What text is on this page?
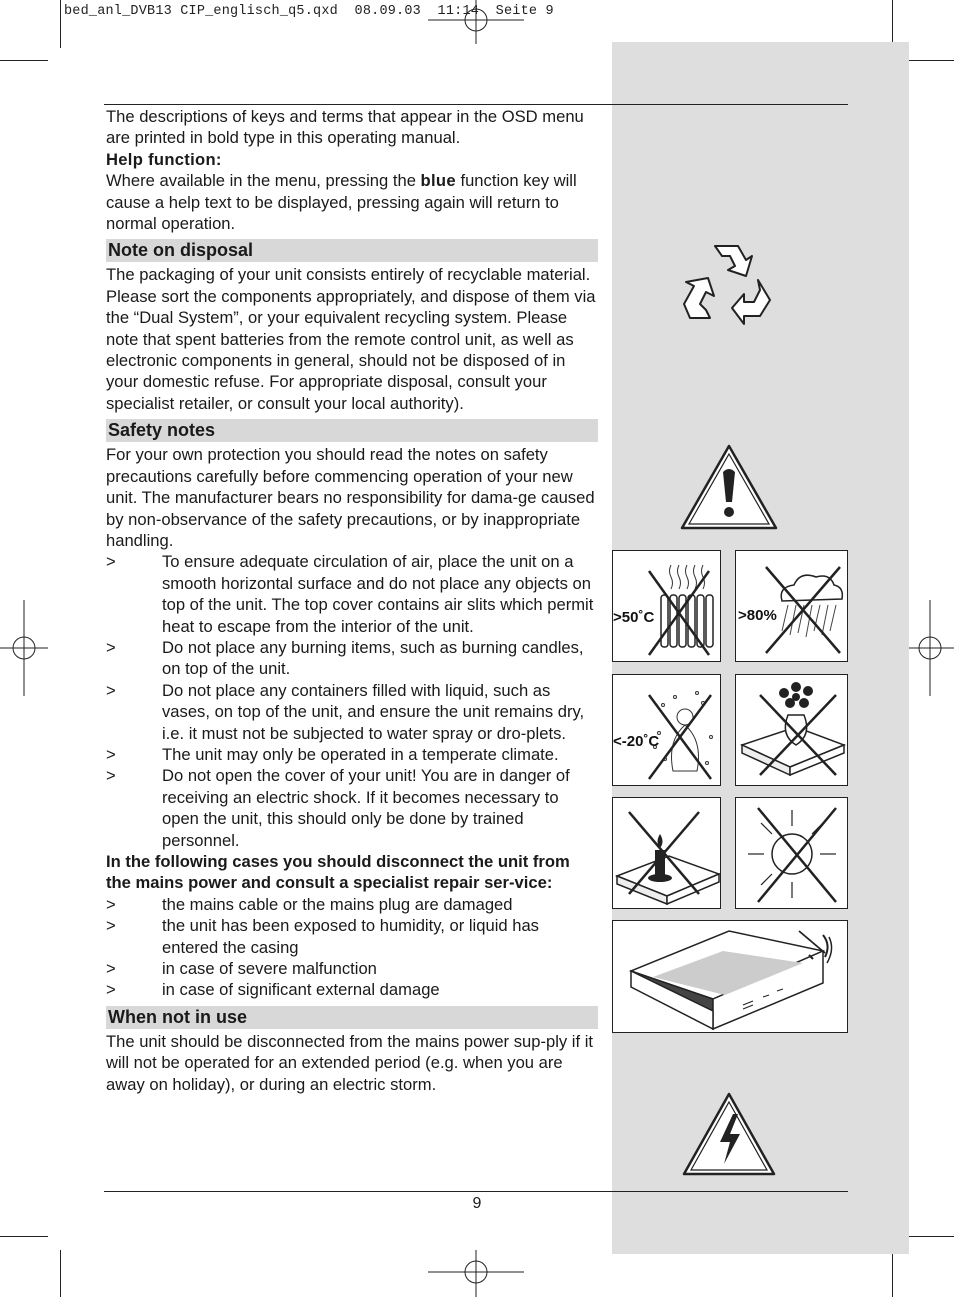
bed_anl_DVB13 CIP_englisch_q5.qxd  08.09.03  11:14  Seite 9

The descriptions of keys and terms that appear in the OSD menu are printed in bold type in this operating manual.

Help function:

Where available in the menu, pressing the blue function key will cause a help text to be displayed, pressing again will return to normal operation.

Note on disposal

The packaging of your unit consists entirely of recyclable material. Please sort the components appropriately, and dispose of them via the “Dual System”, or your equivalent recycling system. Please note that spent batteries from the remote control unit, as well as electronic components in general, should not be disposed of in your domestic refuse. For appropriate disposal, consult your specialist retailer, or consult your local authority).

Safety notes

For your own protection you should read the notes on safety precautions carefully before commencing operation of your new unit. The manufacturer bears no responsibility for dama-ge caused by non-observance of the safety precautions, or by inappropriate handling.

>	To ensure adequate circulation of air, place the unit on a smooth horizontal surface and do not place any objects on top of the unit. The top cover contains air slits which permit heat to escape from the interior of the unit.
>	Do not place any burning items, such as burning candles, on top of the unit.
>	Do not place any containers filled with liquid, such as vases, on top of the unit, and ensure the unit remains dry, i.e. it must not be subjected to water spray or dro-plets.
>	The unit may only be operated in a temperate climate.
>	Do not open the cover of your unit! You are in danger of receiving an electric shock. If it becomes necessary to open the unit, this should only be done by trained personnel.

In the following cases you should disconnect the unit from the mains power and consult a specialist repair ser-vice:

>	the mains cable or the mains plug are damaged
>	the unit has been exposed to humidity, or liquid has entered the casing
>	in case of severe malfunction
>	in case of significant external damage
When not in use

The unit should be disconnected from the mains power sup-ply if it will not be operated for an extended period (e.g. when you are away on holiday), or during an electric storm.

9
>50˚C	>80%
<-20˚C
